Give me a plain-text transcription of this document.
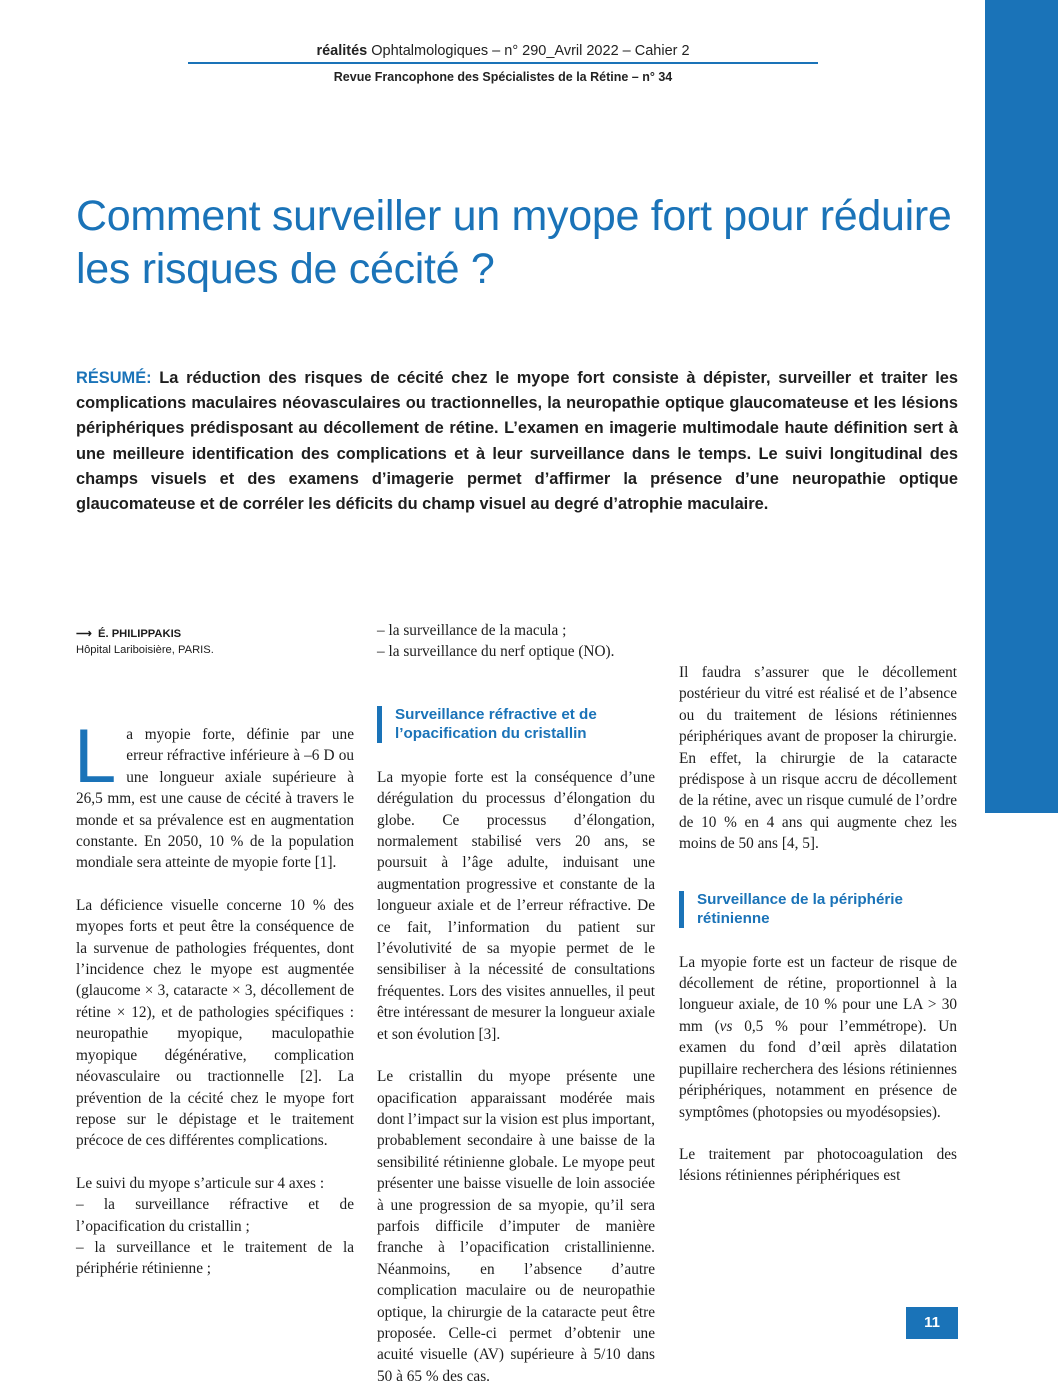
réalités Ophtalmologiques – n° 290_Avril 2022 – Cahier 2
Revue Francophone des Spécialistes de la Rétine – n° 34
Comment surveiller un myope fort pour réduire les risques de cécité ?

RÉSUMÉ: La réduction des risques de cécité chez le myope fort consiste à dépister, surveiller et traiter les complications maculaires néovasculaires ou tractionnelles, la neuropathie optique glaucomateuse et les lésions périphériques prédisposant au décollement de rétine. L’examen en imagerie multimodale haute définition sert à une meilleure identification des complications et à leur surveillance dans le temps. Le suivi longitudinal des champs visuels et des examens d’imagerie permet d’affirmer la présence d’une neuropathie optique glaucomateuse et de corréler les déficits du champ visuel au degré d’atrophie maculaire.

⟶ É. PHILIPPAKIS

Hôpital Lariboisière, PARIS.

La myopie forte, définie par une erreur réfractive inférieure à –6 D ou une longueur axiale supérieure à 26,5 mm, est une cause de cécité à travers le monde et sa prévalence est en augmentation constante. En 2050, 10 % de la population mondiale sera atteinte de myopie forte [1].

La déficience visuelle concerne 10 % des myopes forts et peut être la conséquence de la survenue de pathologies fréquentes, dont l’incidence chez le myope est augmentée (glaucome × 3, cataracte × 3, décollement de rétine × 12), et de pathologies spécifiques : neuropathie myopique, maculopathie myopique dégénérative, complication néovasculaire ou tractionnelle [2]. La prévention de la cécité chez le myope fort repose sur le dépistage et le traitement précoce de ces différentes complications.

Le suivi du myope s’articule sur 4 axes :

– la surveillance réfractive et de l’opacification du cristallin ;

– la surveillance et le traitement de la périphérie rétinienne ;

– la surveillance de la macula ;

– la surveillance du nerf optique (NO).

Surveillance réfractive et de l’opacification du cristallin

La myopie forte est la conséquence d’une dérégulation du processus d’élongation du globe. Ce processus d’élongation, normalement stabilisé vers 20 ans, se poursuit à l’âge adulte, induisant une augmentation progressive et constante de la longueur axiale et de l’erreur réfractive. De ce fait, l’information du patient sur l’évolutivité de sa myopie permet de le sensibiliser à la nécessité de consultations fréquentes. Lors des visites annuelles, il peut être intéressant de mesurer la longueur axiale et son évolution [3].

Le cristallin du myope présente une opacification apparaissant modérée mais dont l’impact sur la vision est plus important, probablement secondaire à une baisse de la sensibilité rétinienne globale. Le myope peut présenter une baisse visuelle de loin associée à une progression de sa myopie, qu’il sera parfois difficile d’imputer de manière franche à l’opacification cristallinienne. Néanmoins, en l’absence d’autre complication maculaire ou de neuropathie optique, la chirurgie de la cataracte peut être proposée. Celle-ci permet d’obtenir une acuité visuelle (AV) supérieure à 5/10 dans 50 à 65 % des cas.

Il faudra s’assurer que le décollement postérieur du vitré est réalisé et de l’absence ou du traitement de lésions rétiniennes périphériques avant de proposer la chirurgie. En effet, la chirurgie de la cataracte prédispose à un risque accru de décollement de la rétine, avec un risque cumulé de l’ordre de 10 % en 4 ans qui augmente chez les moins de 50 ans [4, 5].

Surveillance de la périphérie rétinienne

La myopie forte est un facteur de risque de décollement de rétine, proportionnel à la longueur axiale, de 10 % pour une LA > 30 mm (vs 0,5 % pour l’emmétrope). Un examen du fond d’œil après dilatation pupillaire recherchera des lésions rétiniennes périphériques, notamment en présence de symptômes (photopsies ou myodésopsies).

Le traitement par photocoagulation des lésions rétiniennes périphériques est

11
